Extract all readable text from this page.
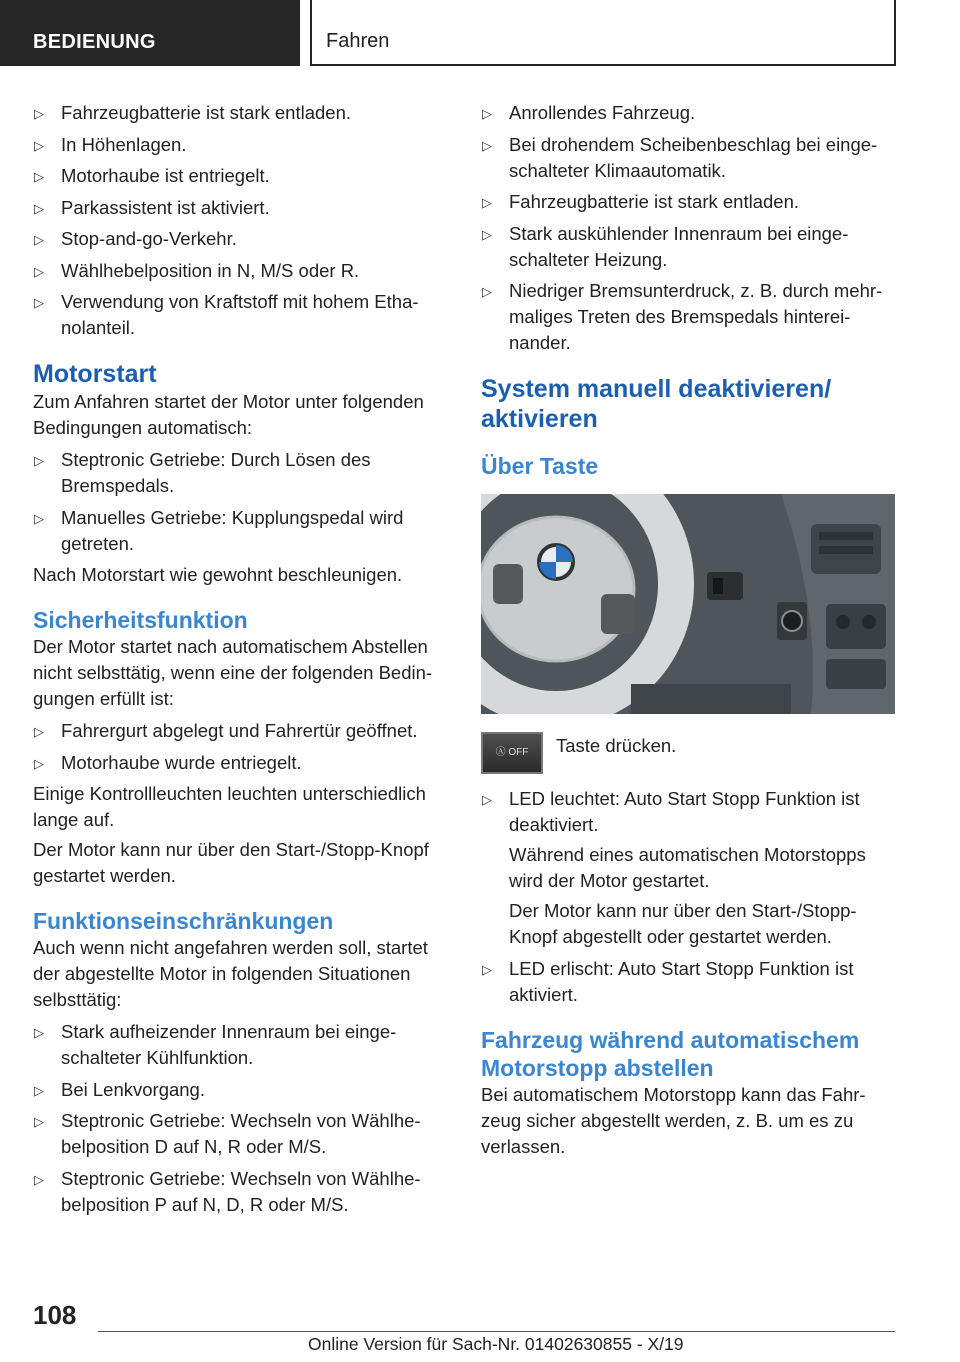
BEDIENUNG	Fahren
▷ Fahrzeugbatterie ist stark entladen.
▷ In Höhenlagen.
▷ Motorhaube ist entriegelt.
▷ Parkassistent ist aktiviert.
▷ Stop-and-go-Verkehr.
▷ Wählhebelposition in N, M/S oder R.
▷ Verwendung von Kraftstoff mit hohem Ethanolanteil.
Motorstart

Zum Anfahren startet der Motor unter folgenden Bedingungen automatisch:

▷ Steptronic Getriebe: Durch Lösen des Bremspedals.
▷ Manuelles Getriebe: Kupplungspedal wird getreten.

Nach Motorstart wie gewohnt beschleunigen.

Sicherheitsfunktion

Der Motor startet nach automatischem Abstellen nicht selbsttätig, wenn eine der folgenden Bedingungen erfüllt ist:

▷ Fahrergurt abgelegt und Fahrertür geöffnet.
▷ Motorhaube wurde entriegelt.

Einige Kontrollleuchten leuchten unterschiedlich lange auf.

Der Motor kann nur über den Start-/Stopp-Knopf gestartet werden.

Funktionseinschränkungen

Auch wenn nicht angefahren werden soll, startet der abgestellte Motor in folgenden Situationen selbsttätig:

▷ Stark aufheizender Innenraum bei eingeschalteter Kühlfunktion.
▷ Bei Lenkvorgang.
▷ Steptronic Getriebe: Wechseln von Wählhebelposition D auf N, R oder M/S.
▷ Steptronic Getriebe: Wechseln von Wählhebelposition P auf N, D, R oder M/S.
▷ Anrollendes Fahrzeug.
▷ Bei drohendem Scheibenbeschlag bei eingeschalteter Klimaautomatik.
▷ Fahrzeugbatterie ist stark entladen.
▷ Stark auskühlender Innenraum bei eingeschalteter Heizung.
▷ Niedriger Bremsunterdruck, z. B. durch mehrmaliges Treten des Bremspedals hintereinander.
System manuell deaktivieren/ aktivieren
Über Taste
Ⓐ OFF	Taste drücken.
▷ LED leuchtet: Auto Start Stopp Funktion ist deaktiviert.
Während eines automatischen Motorstopps wird der Motor gestartet.
Der Motor kann nur über den Start-/Stopp-Knopf abgestellt oder gestartet werden.
▷ LED erlischt: Auto Start Stopp Funktion ist aktiviert.
Fahrzeug während automatischem Motorstopp abstellen

Bei automatischem Motorstopp kann das Fahrzeug sicher abgestellt werden, z. B. um es zu verlassen.

108
Online Version für Sach-Nr. 01402630855 - X/19
